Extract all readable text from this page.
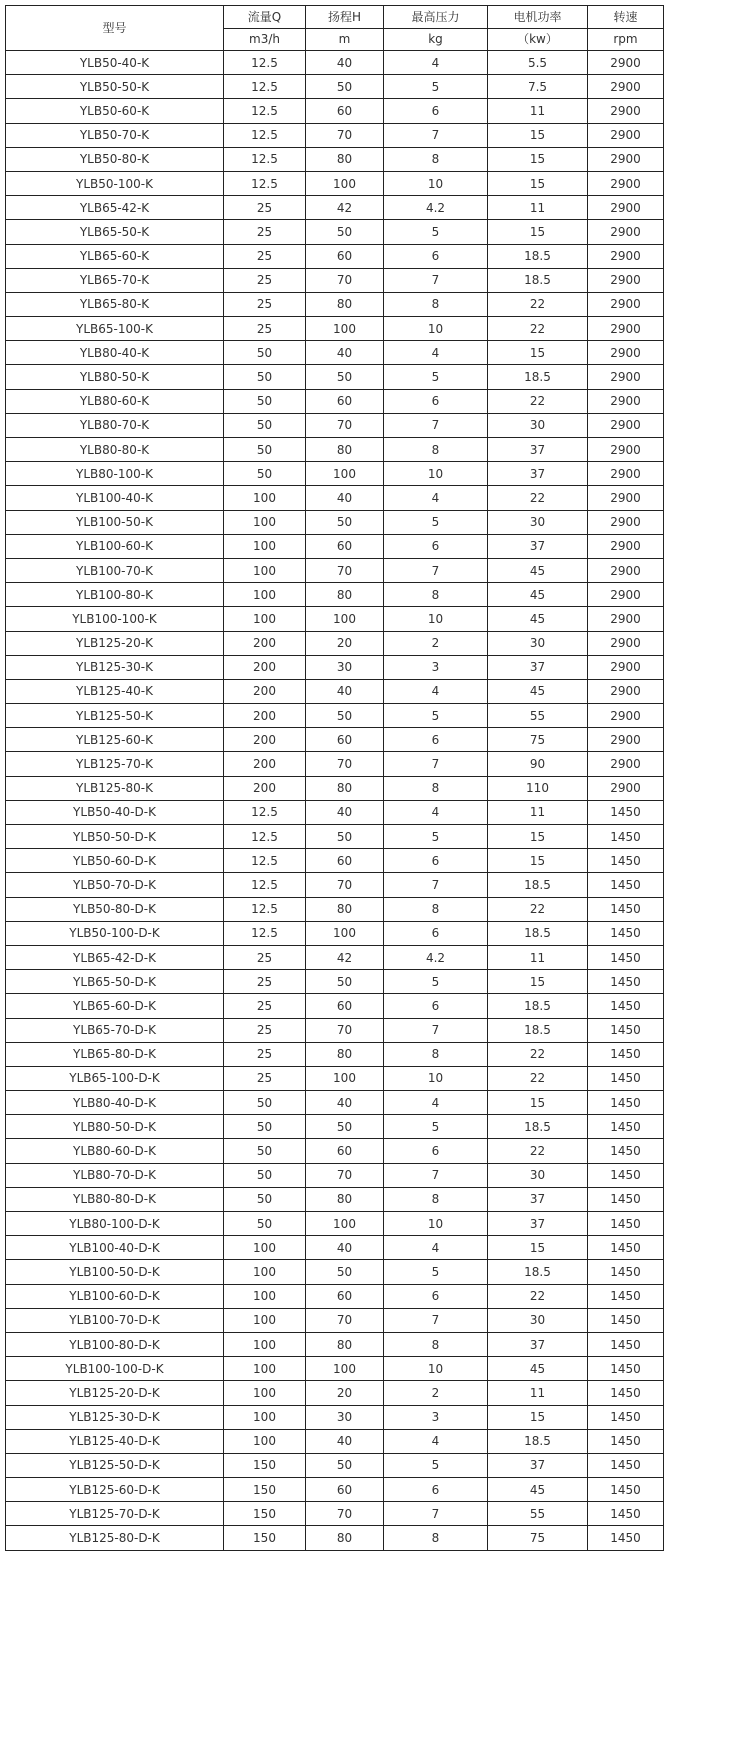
型号	流量Q	扬程H	最高压力	电机功率	转速
	m3/h	m	kg	（kw）	rpm
YLB50-40-K	12.5	40	4	5.5	2900
YLB50-50-K	12.5	50	5	7.5	2900
YLB50-60-K	12.5	60	6	11	2900
YLB50-70-K	12.5	70	7	15	2900
YLB50-80-K	12.5	80	8	15	2900
YLB50-100-K	12.5	100	10	15	2900
YLB65-42-K	25	42	4.2	11	2900
YLB65-50-K	25	50	5	15	2900
YLB65-60-K	25	60	6	18.5	2900
YLB65-70-K	25	70	7	18.5	2900
YLB65-80-K	25	80	8	22	2900
YLB65-100-K	25	100	10	22	2900
YLB80-40-K	50	40	4	15	2900
YLB80-50-K	50	50	5	18.5	2900
YLB80-60-K	50	60	6	22	2900
YLB80-70-K	50	70	7	30	2900
YLB80-80-K	50	80	8	37	2900
YLB80-100-K	50	100	10	37	2900
YLB100-40-K	100	40	4	22	2900
YLB100-50-K	100	50	5	30	2900
YLB100-60-K	100	60	6	37	2900
YLB100-70-K	100	70	7	45	2900
YLB100-80-K	100	80	8	45	2900
YLB100-100-K	100	100	10	45	2900
YLB125-20-K	200	20	2	30	2900
YLB125-30-K	200	30	3	37	2900
YLB125-40-K	200	40	4	45	2900
YLB125-50-K	200	50	5	55	2900
YLB125-60-K	200	60	6	75	2900
YLB125-70-K	200	70	7	90	2900
YLB125-80-K	200	80	8	110	2900
YLB50-40-D-K	12.5	40	4	11	1450
YLB50-50-D-K	12.5	50	5	15	1450
YLB50-60-D-K	12.5	60	6	15	1450
YLB50-70-D-K	12.5	70	7	18.5	1450
YLB50-80-D-K	12.5	80	8	22	1450
YLB50-100-D-K	12.5	100	6	18.5	1450
YLB65-42-D-K	25	42	4.2	11	1450
YLB65-50-D-K	25	50	5	15	1450
YLB65-60-D-K	25	60	6	18.5	1450
YLB65-70-D-K	25	70	7	18.5	1450
YLB65-80-D-K	25	80	8	22	1450
YLB65-100-D-K	25	100	10	22	1450
YLB80-40-D-K	50	40	4	15	1450
YLB80-50-D-K	50	50	5	18.5	1450
YLB80-60-D-K	50	60	6	22	1450
YLB80-70-D-K	50	70	7	30	1450
YLB80-80-D-K	50	80	8	37	1450
YLB80-100-D-K	50	100	10	37	1450
YLB100-40-D-K	100	40	4	15	1450
YLB100-50-D-K	100	50	5	18.5	1450
YLB100-60-D-K	100	60	6	22	1450
YLB100-70-D-K	100	70	7	30	1450
YLB100-80-D-K	100	80	8	37	1450
YLB100-100-D-K	100	100	10	45	1450
YLB125-20-D-K	100	20	2	11	1450
YLB125-30-D-K	100	30	3	15	1450
YLB125-40-D-K	100	40	4	18.5	1450
YLB125-50-D-K	150	50	5	37	1450
YLB125-60-D-K	150	60	6	45	1450
YLB125-70-D-K	150	70	7	55	1450
YLB125-80-D-K	150	80	8	75	1450
